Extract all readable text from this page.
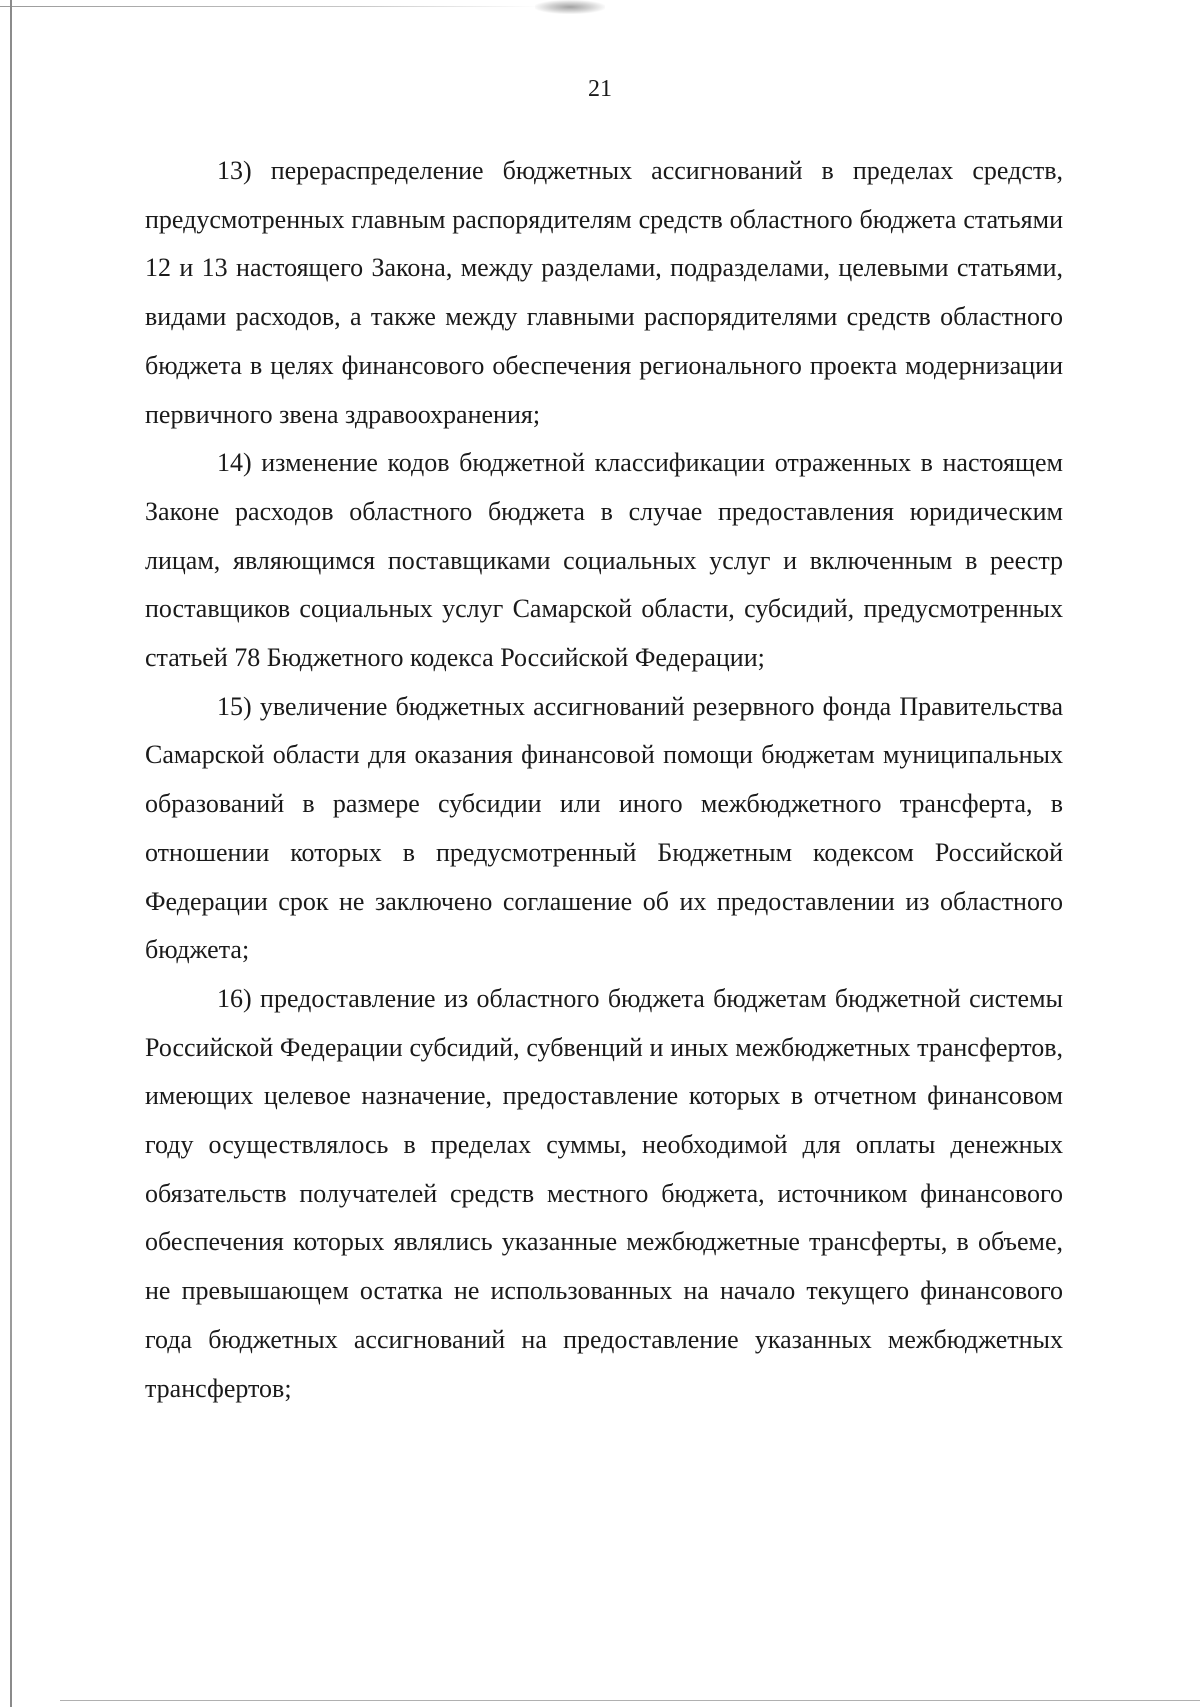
21

13) перераспределение бюджетных ассигнований в пределах средств, предусмотренных главным распорядителям средств областного бюджета статьями 12 и 13 настоящего Закона, между разделами, подразделами, целевыми статьями, видами расходов, а также между главными распорядителями средств областного бюджета в целях финансового обеспечения регионального проекта модернизации первичного звена здравоохранения;

14) изменение кодов бюджетной классификации отраженных в настоящем Законе расходов областного бюджета в случае предоставления юридическим лицам, являющимся поставщиками социальных услуг и включенным в реестр поставщиков социальных услуг Самарской области, субсидий, предусмотренных статьей 78 Бюджетного кодекса Российской Федерации;

15) увеличение бюджетных ассигнований резервного фонда Правительства Самарской области для оказания финансовой помощи бюджетам муниципальных образований в размере субсидии или иного межбюджетного трансферта, в отношении которых в предусмотренный Бюджетным кодексом Российской Федерации срок не заключено соглашение об их предоставлении из областного бюджета;

16) предоставление из областного бюджета бюджетам бюджетной системы Российской Федерации субсидий, субвенций и иных межбюджетных трансфертов, имеющих целевое назначение, предоставление которых в отчетном финансовом году осуществлялось в пределах суммы, необходимой для оплаты денежных обязательств получателей средств местного бюджета, источником финансового обеспечения которых являлись указанные межбюджетные трансферты, в объеме, не превышающем остатка не использованных на начало текущего финансового года бюджетных ассигнований на предоставление указанных межбюджетных трансфертов;
